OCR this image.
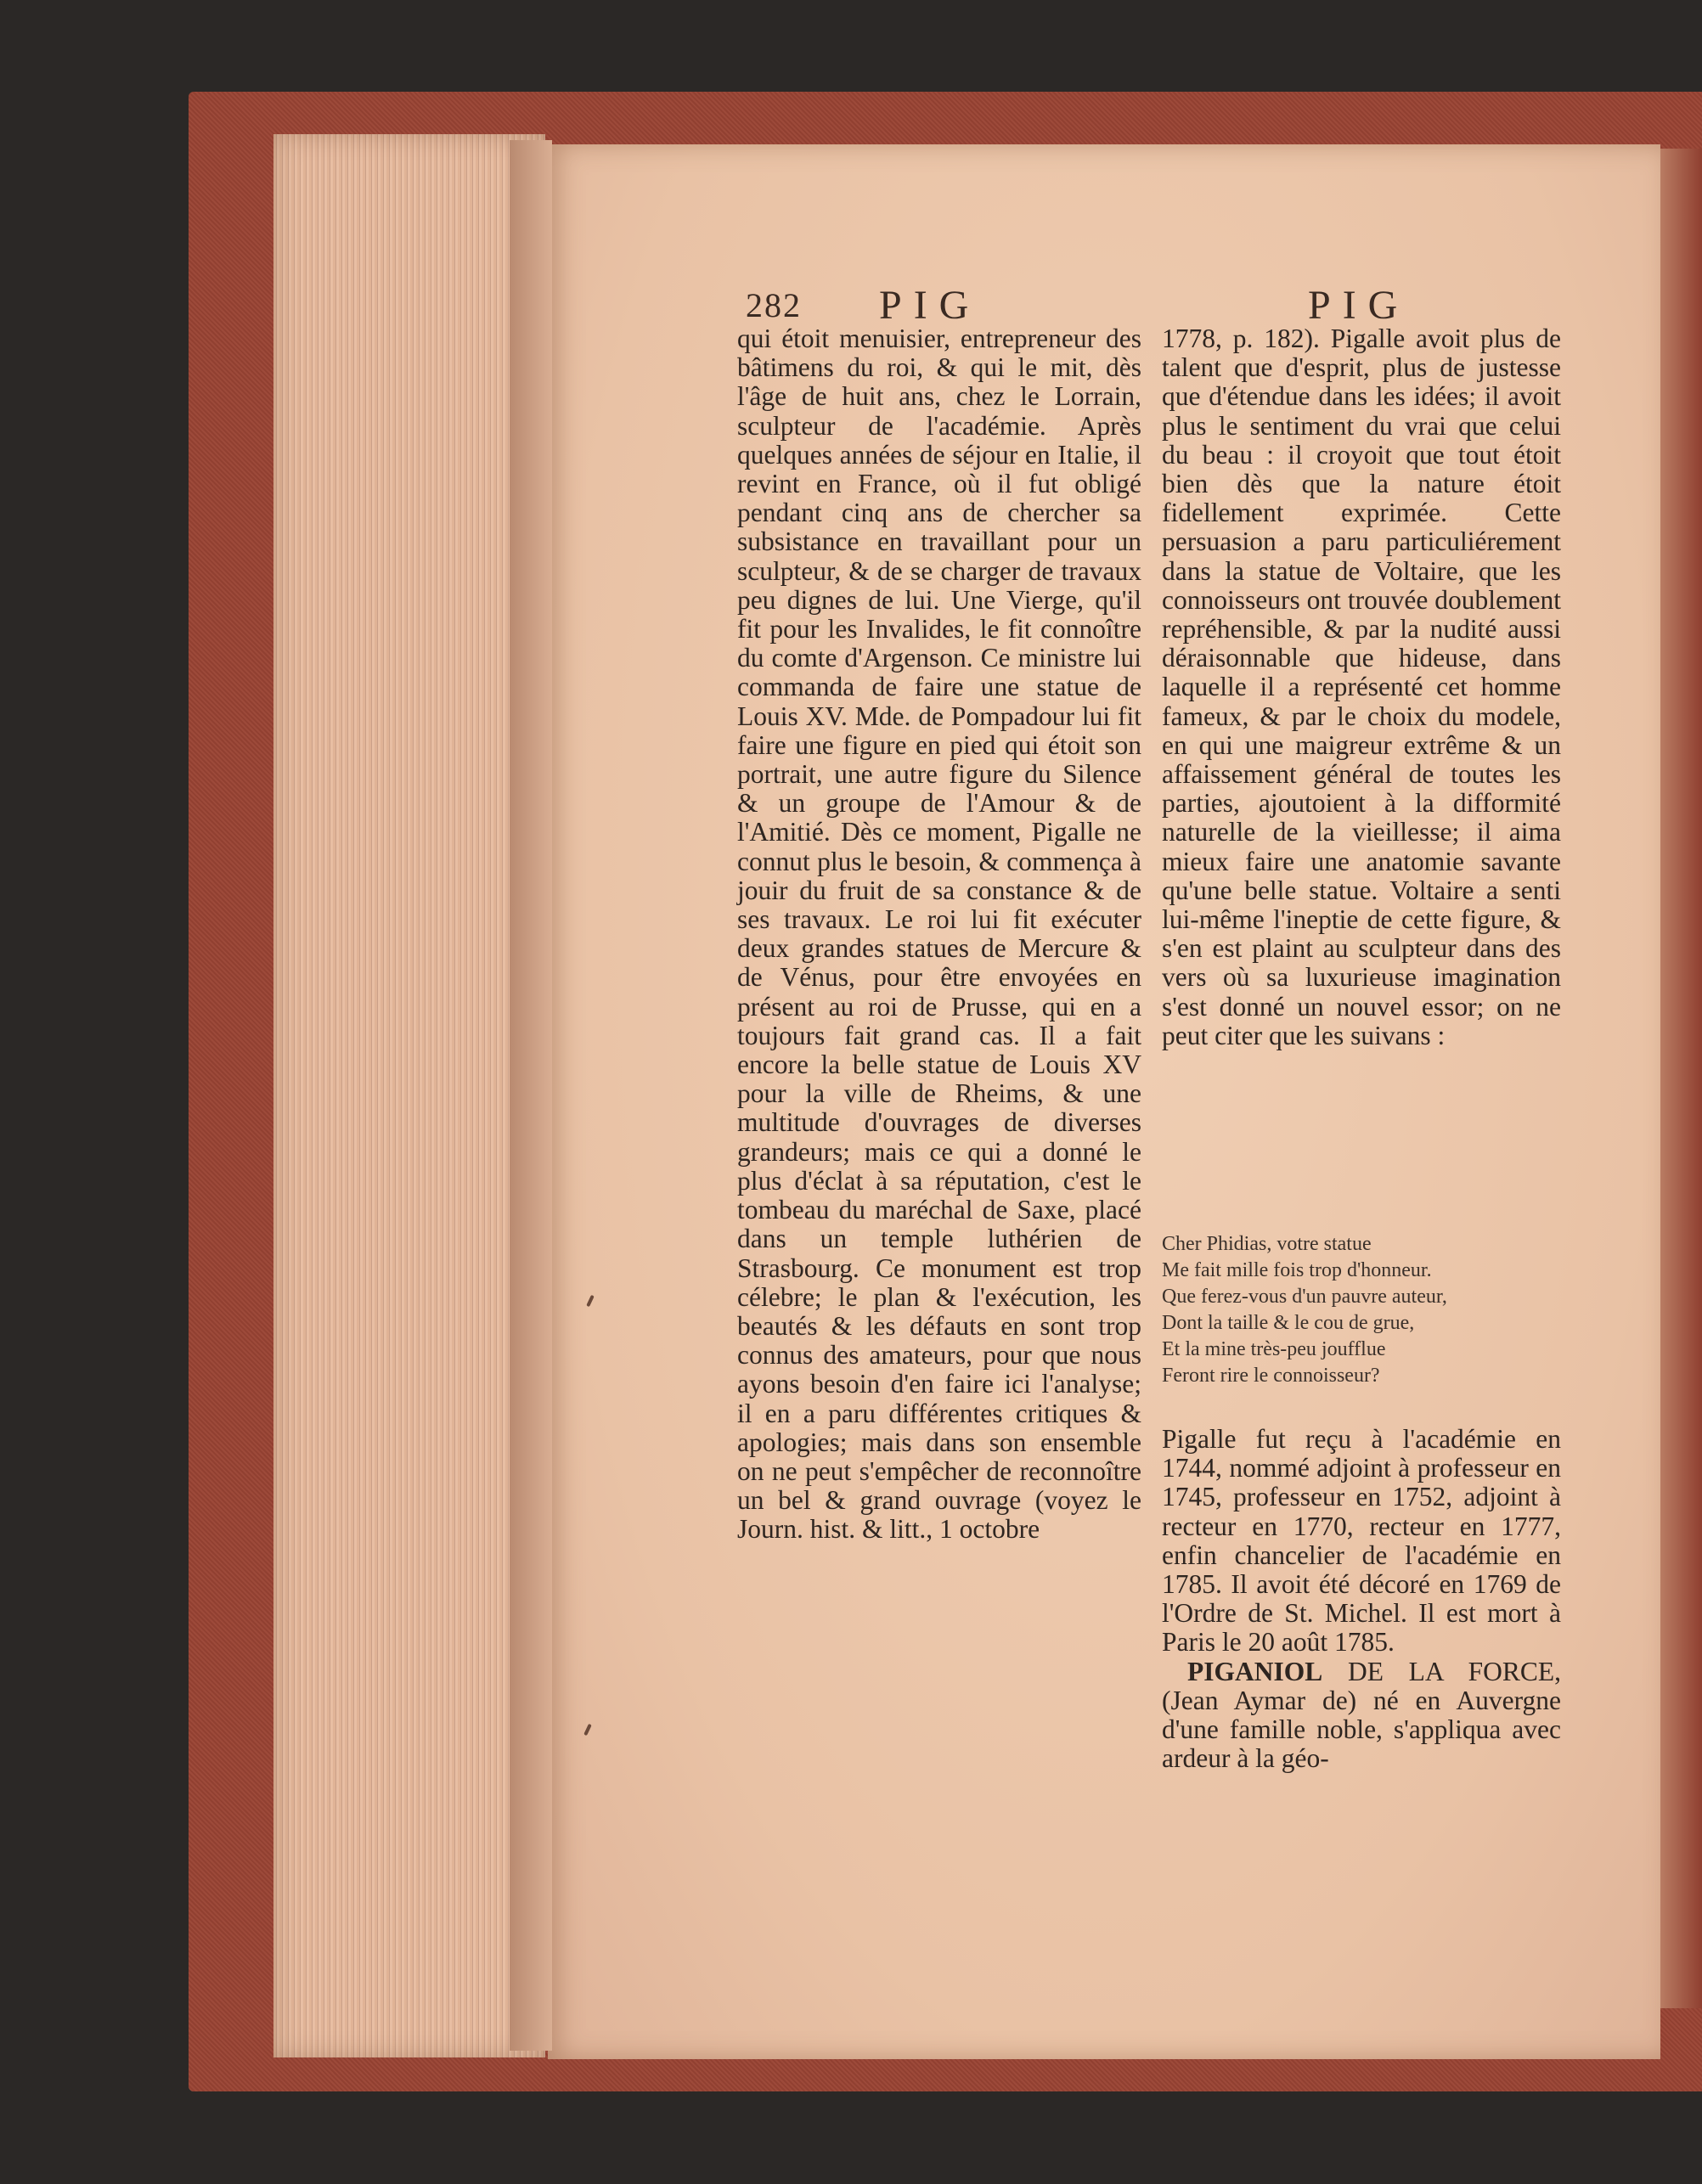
282 PIG	PIG

qui étoit menuisier, entrepreneur des bâtimens du roi, & qui le mit, dès l'âge de huit ans, chez le Lorrain, sculpteur de l'académie. Après quelques années de séjour en Italie, il revint en France, où il fut obligé pendant cinq ans de chercher sa subsistance en travaillant pour un sculpteur, & de se charger de travaux peu dignes de lui. Une Vierge, qu'il fit pour les Invalides, le fit connoître du comte d'Argenson. Ce ministre lui commanda de faire une statue de Louis XV. Mde. de Pompadour lui fit faire une figure en pied qui étoit son portrait, une autre figure du Silence & un groupe de l'Amour & de l'Amitié. Dès ce moment, Pigalle ne connut plus le besoin, & commença à jouir du fruit de sa constance & de ses travaux. Le roi lui fit exécuter deux grandes statues de Mercure & de Vénus, pour être envoyées en présent au roi de Prusse, qui en a toujours fait grand cas. Il a fait encore la belle statue de Louis XV pour la ville de Rheims, & une multitude d'ouvrages de diverses grandeurs; mais ce qui a donné le plus d'éclat à sa réputation, c'est le tombeau du maréchal de Saxe, placé dans un temple luthérien de Strasbourg. Ce monument est trop célebre; le plan & l'exécution, les beautés & les défauts en sont trop connus des amateurs, pour que nous ayons besoin d'en faire ici l'analyse; il en a paru différentes critiques & apologies; mais dans son ensemble on ne peut s'empêcher de reconnoître un bel & grand ouvrage (voyez le Journ. hist. & litt., 1 octobre

1778, p. 182). Pigalle avoit plus de talent que d'esprit, plus de justesse que d'étendue dans les idées; il avoit plus le sentiment du vrai que celui du beau : il croyoit que tout étoit bien dès que la nature étoit fidellement exprimée. Cette persuasion a paru particuliérement dans la statue de Voltaire, que les connoisseurs ont trouvée doublement repréhensible, & par la nudité aussi déraisonnable que hideuse, dans laquelle il a représenté cet homme fameux, & par le choix du modele, en qui une maigreur extrême & un affaissement général de toutes les parties, ajoutoient à la difformité naturelle de la vieillesse; il aima mieux faire une anatomie savante qu'une belle statue. Voltaire a senti lui-même l'ineptie de cette figure, & s'en est plaint au sculpteur dans des vers où sa luxurieuse imagination s'est donné un nouvel essor; on ne peut citer que les suivans :

Cher Phidias, votre statue
Me fait mille fois trop d'honneur.
Que ferez-vous d'un pauvre auteur,
Dont la taille & le cou de grue,
Et la mine très-peu joufflue
Feront rire le connoisseur?

Pigalle fut reçu à l'académie en 1744, nommé adjoint à professeur en 1745, professeur en 1752, adjoint à recteur en 1770, recteur en 1777, enfin chancelier de l'académie en 1785. Il avoit été décoré en 1769 de l'Ordre de St. Michel. Il est mort à Paris le 20 août 1785.

PIGANIOL DE LA FORCE, (Jean Aymar de) né en Auvergne d'une famille noble, s'appliqua avec ardeur à la géo-
